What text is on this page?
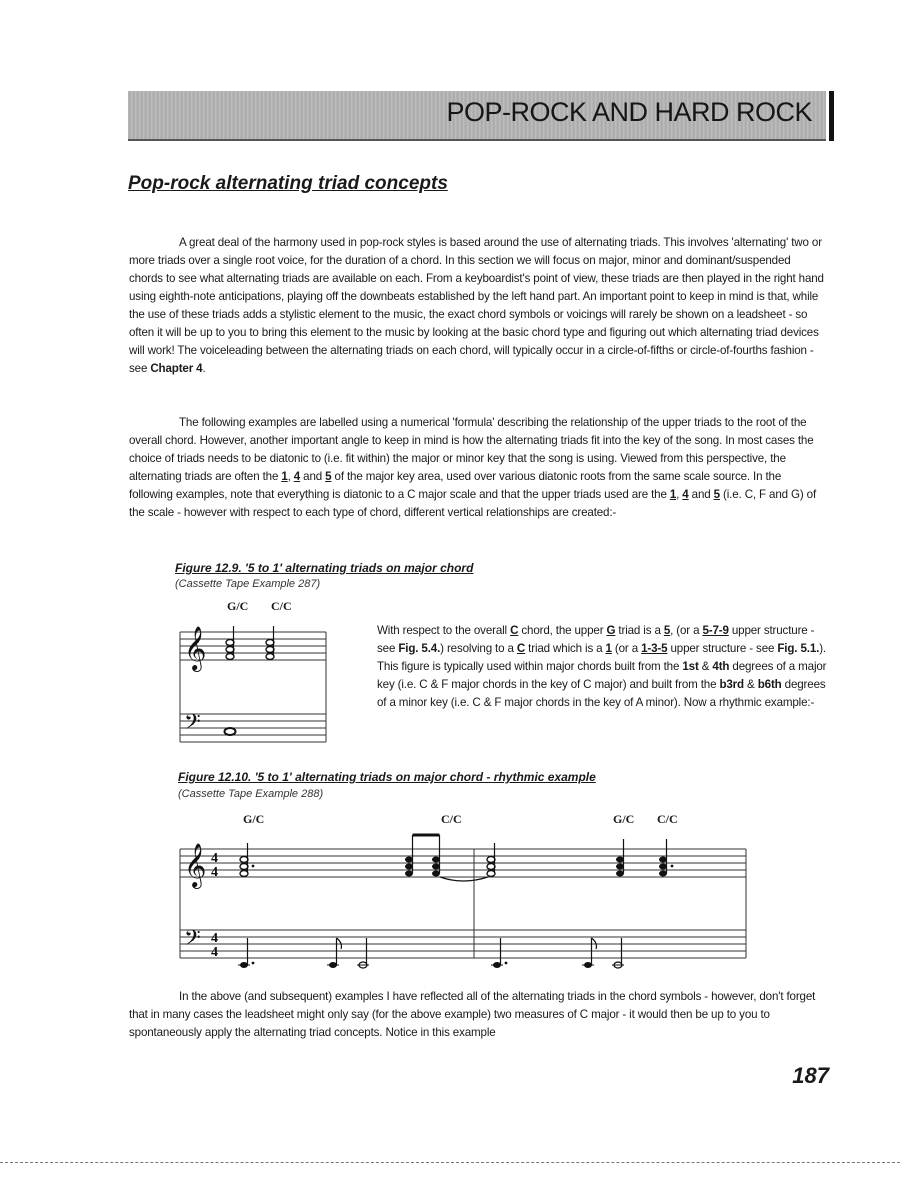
POP-ROCK AND HARD ROCK
Pop-rock alternating triad concepts

A great deal of the harmony used in pop-rock styles is based around the use of alternating triads. This involves 'alternating' two or more triads over a single root voice, for the duration of a chord. In this section we will focus on major, minor and dominant/suspended chords to see what alternating triads are available on each. From a keyboardist's point of view, these triads are then played in the right hand using eighth-note anticipations, playing off the downbeats established by the left hand part. An important point to keep in mind is that, while the use of these triads adds a stylistic element to the music, the exact chord symbols or voicings will rarely be shown on a leadsheet - so often it will be up to you to bring this element to the music by looking at the basic chord type and figuring out which alternating triad devices will work! The voiceleading between the alternating triads on each chord, will typically occur in a circle-of-fifths or circle-of-fourths fashion - see Chapter 4.

The following examples are labelled using a numerical 'formula' describing the relationship of the upper triads to the root of the overall chord. However, another important angle to keep in mind is how the alternating triads fit into the key of the song. In most cases the choice of triads needs to be diatonic to (i.e. fit within) the major or minor key that the song is using. Viewed from this perspective, the alternating triads are often the 1, 4 and 5 of the major key area, used over various diatonic roots from the same scale source. In the following examples, note that everything is diatonic to a C major scale and that the upper triads used are the 1, 4 and 5 (i.e. C, F and G) of the scale - however with respect to each type of chord, different vertical relationships are created:-

Figure 12.9. '5 to 1' alternating triads on major chord
(Cassette Tape Example 287)
G/C C/C
𝄞
𝄢

With respect to the overall C chord, the upper G triad is a 5, (or a 5-7-9 upper structure - see Fig. 5.4.) resolving to a C triad which is a 1 (or a 1-3-5 upper structure - see Fig. 5.1.). This figure is typically used within major chords built from the 1st & 4th degrees of a major key (i.e. C & F major chords in the key of C major) and built from the b3rd & b6th degrees of a minor key (i.e. C & F major chords in the key of A minor). Now a rhythmic example:-

Figure 12.10. '5 to 1' alternating triads on major chord - rhythmic example
(Cassette Tape Example 288)
G/C	C/C	G/C C/C
𝄞
𝄢
4
4
4
4

In the above (and subsequent) examples I have reflected all of the alternating triads in the chord symbols - however, don't forget that in many cases the leadsheet might only say (for the above example) two measures of C major - it would then be up to you to spontaneously apply the alternating triad concepts. Notice in this example

187
